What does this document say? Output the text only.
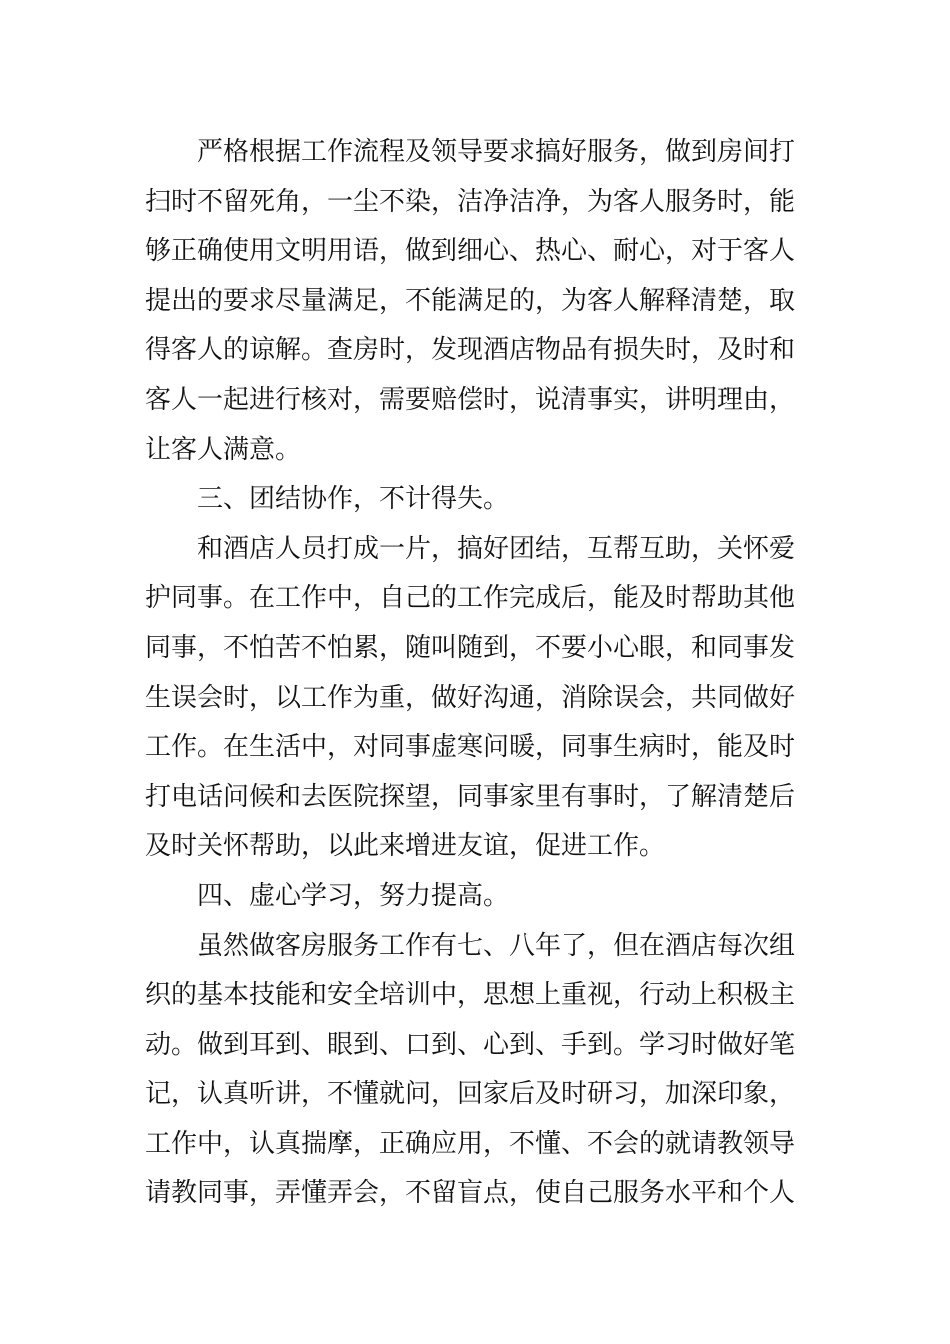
严格根据工作流程及领导要求搞好服务，做到房间打
扫时不留死角，一尘不染，洁净洁净，为客人服务时，能
够正确使用文明用语，做到细心、热心、耐心，对于客人
提出的要求尽量满足，不能满足的，为客人解释清楚，取
得客人的谅解。查房时，发现酒店物品有损失时，及时和
客人一起进行核对，需要赔偿时，说清事实，讲明理由，
让客人满意。
三、团结协作，不计得失。
和酒店人员打成一片，搞好团结，互帮互助，关怀爱
护同事。在工作中，自己的工作完成后，能及时帮助其他
同事，不怕苦不怕累，随叫随到，不要小心眼，和同事发
生误会时，以工作为重，做好沟通，消除误会，共同做好
工作。在生活中，对同事虚寒问暖，同事生病时，能及时
打电话问候和去医院探望，同事家里有事时，了解清楚后
及时关怀帮助，以此来增进友谊，促进工作。
四、虚心学习，努力提高。
虽然做客房服务工作有七、八年了，但在酒店每次组
织的基本技能和安全培训中，思想上重视，行动上积极主
动。做到耳到、眼到、口到、心到、手到。学习时做好笔
记，认真听讲，不懂就问，回家后及时研习，加深印象，
工作中，认真揣摩，正确应用，不懂、不会的就请教领导
请教同事，弄懂弄会，不留盲点，使自己服务水平和个人
